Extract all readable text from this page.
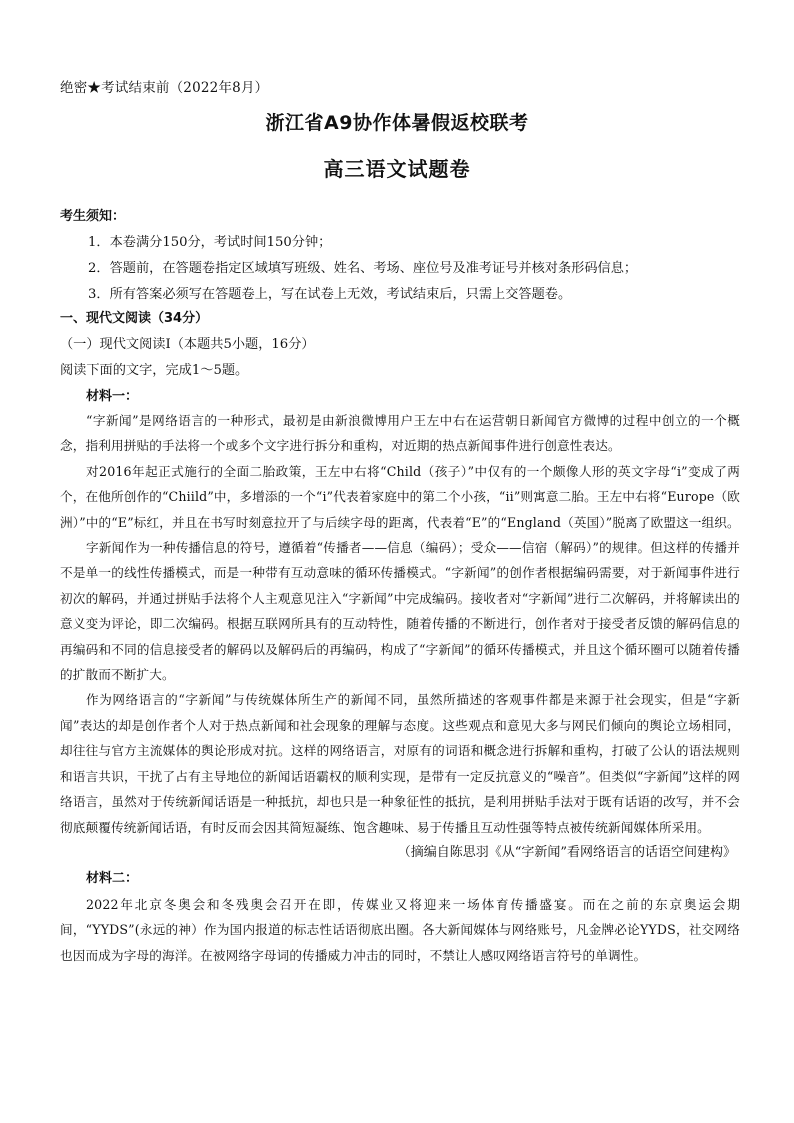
绝密★考试结束前（2022年8月）
浙江省A9协作体暑假返校联考
高三语文试题卷
考生须知：
1．本卷满分150分，考试时间150分钟；
2．答题前，在答题卷指定区域填写班级、姓名、考场、座位号及准考证号并核对条形码信息；
3．所有答案必须写在答题卷上，写在试卷上无效，考试结束后，只需上交答题卷。
一、现代文阅读（34分）
（一）现代文阅读Ⅰ（本题共5小题，16分）
阅读下面的文字，完成1～5题。
材料一：

“字新闻”是网络语言的一种形式，最初是由新浪微博用户王左中右在运营朝日新闻官方微博的过程中创立的一个概念，指利用拼贴的手法将一个或多个文字进行拆分和重构，对近期的热点新闻事件进行创意性表达。

对2016年起正式施行的全面二胎政策，王左中右将“Child（孩子）”中仅有的一个颇像人形的英文字母“i”变成了两个，在他所创作的“Chiild”中，多增添的一个“i”代表着家庭中的第二个小孩，“ii”则寓意二胎。王左中右将“Europe（欧洲）”中的“E”标红，并且在书写时刻意拉开了与后续字母的距离，代表着“E”的“England（英国）”脱离了欧盟这一组织。

字新闻作为一种传播信息的符号，遵循着“传播者——信息（编码）；受众——信宿（解码）”的规律。但这样的传播并不是单一的线性传播模式，而是一种带有互动意味的循环传播模式。“字新闻”的创作者根据编码需要，对于新闻事件进行初次的解码，并通过拼贴手法将个人主观意见注入“字新闻”中完成编码。接收者对“字新闻”进行二次解码，并将解读出的意义变为评论，即二次编码。根据互联网所具有的互动特性，随着传播的不断进行，创作者对于接受者反馈的解码信息的再编码和不同的信息接受者的解码以及解码后的再编码，构成了“字新闻”的循环传播模式，并且这个循环圈可以随着传播的扩散而不断扩大。

作为网络语言的“字新闻”与传统媒体所生产的新闻不同，虽然所描述的客观事件都是来源于社会现实，但是“字新闻”表达的却是创作者个人对于热点新闻和社会现象的理解与态度。这些观点和意见大多与网民们倾向的舆论立场相同，却往往与官方主流媒体的舆论形成对抗。这样的网络语言，对原有的词语和概念进行拆解和重构，打破了公认的语法规则和语言共识，干扰了占有主导地位的新闻话语霸权的顺利实现，是带有一定反抗意义的“噪音”。但类似“字新闻”这样的网络语言，虽然对于传统新闻话语是一种抵抗，却也只是一种象征性的抵抗，是利用拼贴手法对于既有话语的改写，并不会彻底颠覆传统新闻话语，有时反而会因其简短凝练、饱含趣味、易于传播且互动性强等特点被传统新闻媒体所采用。

（摘编自陈思羽《从“字新闻”看网络语言的话语空间建构》
材料二：

2022年北京冬奥会和冬残奥会召开在即，传媒业又将迎来一场体育传播盛宴。而在之前的东京奥运会期间，“YYDS”(永远的神）作为国内报道的标志性话语彻底出圈。各大新闻媒体与网络账号，凡金牌必论YYDS，社交网络也因而成为字母的海洋。在被网络字母词的传播威力冲击的同时，不禁让人感叹网络语言符号的单调性。
